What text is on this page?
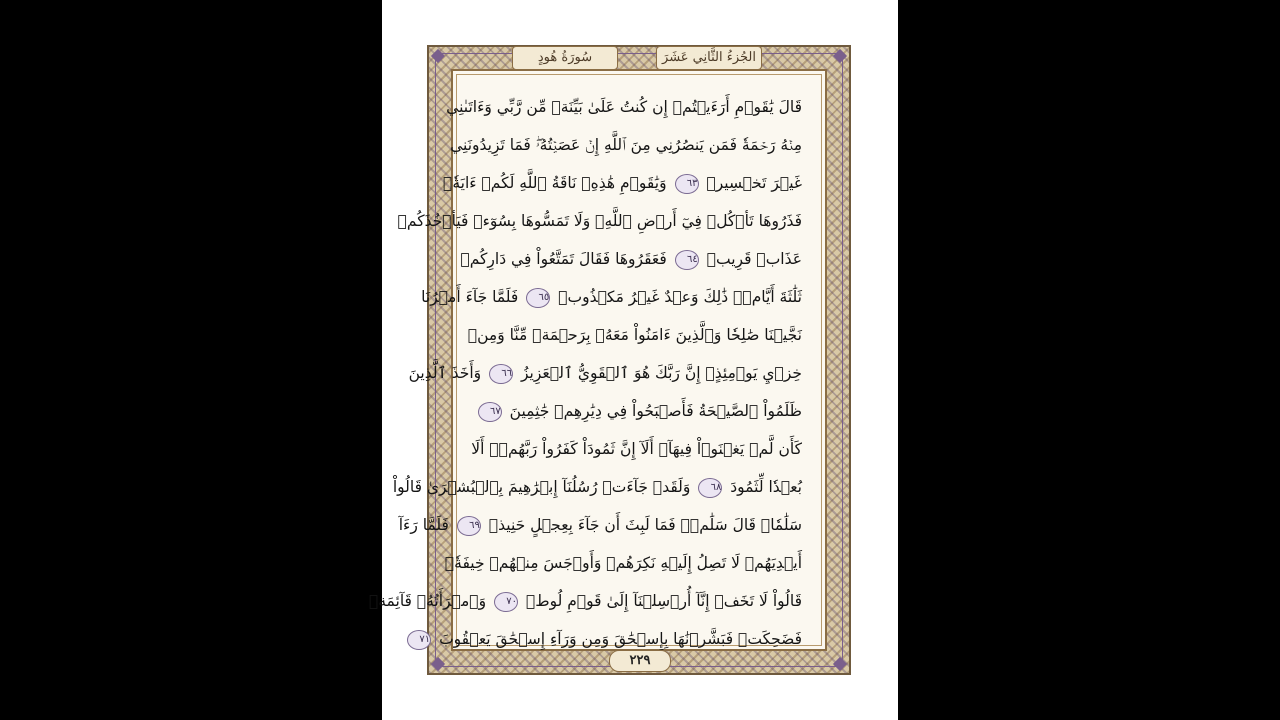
الجُزءُ الثَّانِي عَشَرَ
سُورَةُ هُودٍ
قَالَ يَٰقَوۡمِ أَرَءَيۡتُمۡ إِن كُنتُ عَلَىٰ بَيِّنَةٖ مِّن رَّبِّي وَءَاتَىٰنِي
مِنۡهُ رَحۡمَةٗ فَمَن يَنصُرُنِي مِنَ ٱللَّهِ إِنۡ عَصَيۡتُهُۥۖ فَمَا تَزِيدُونَنِي
غَيۡرَ تَخۡسِيرٖ ٦٣ وَيَٰقَوۡمِ هَٰذِهِۦ نَاقَةُ ٱللَّهِ لَكُمۡ ءَايَةٗۖ
فَذَرُوهَا تَأۡكُلۡ فِيٓ أَرۡضِ ٱللَّهِۖ وَلَا تَمَسُّوهَا بِسُوٓءٖ فَيَأۡخُذَكُمۡ
عَذَابٞ قَرِيبٞ ٦٤ فَعَقَرُوهَا فَقَالَ تَمَتَّعُواْ فِي دَارِكُمۡ
ثَلَٰثَةَ أَيَّامٖۖ ذَٰلِكَ وَعۡدٌ غَيۡرُ مَكۡذُوبٖ ٦٥ فَلَمَّا جَآءَ أَمۡرُنَا
نَجَّيۡنَا صَٰلِحٗا وَٱلَّذِينَ ءَامَنُواْ مَعَهُۥ بِرَحۡمَةٖ مِّنَّا وَمِنۡ
خِزۡيِ يَوۡمِئِذٍۚ إِنَّ رَبَّكَ هُوَ ٱلۡقَوِيُّ ٱلۡعَزِيزُ ٦٦ وَأَخَذَ ٱلَّذِينَ
ظَلَمُواْ ٱلصَّيۡحَةُ فَأَصۡبَحُواْ فِي دِيَٰرِهِمۡ جَٰثِمِينَ ٦٧
كَأَن لَّمۡ يَغۡنَوۡاْ فِيهَآۗ أَلَآ إِنَّ ثَمُودَاْ كَفَرُواْ رَبَّهُمۡۗ أَلَا
بُعۡدٗا لِّثَمُودَ ٦٨ وَلَقَدۡ جَآءَتۡ رُسُلُنَآ إِبۡرَٰهِيمَ بِٱلۡبُشۡرَىٰ قَالُواْ
سَلَٰمٗاۖ قَالَ سَلَٰمٞۖ فَمَا لَبِثَ أَن جَآءَ بِعِجۡلٍ حَنِيذٖ ٦٩ فَلَمَّا رَءَآ
أَيۡدِيَهُمۡ لَا تَصِلُ إِلَيۡهِ نَكِرَهُمۡ وَأَوۡجَسَ مِنۡهُمۡ خِيفَةٗۚ
قَالُواْ لَا تَخَفۡ إِنَّآ أُرۡسِلۡنَآ إِلَىٰ قَوۡمِ لُوطٖ ٧٠ وَٱمۡرَأَتُهُۥ قَآئِمَةٞ
فَضَحِكَتۡ فَبَشَّرۡنَٰهَا بِإِسۡحَٰقَ وَمِن وَرَآءِ إِسۡحَٰقَ يَعۡقُوبَ ٧١
٢٢٩
